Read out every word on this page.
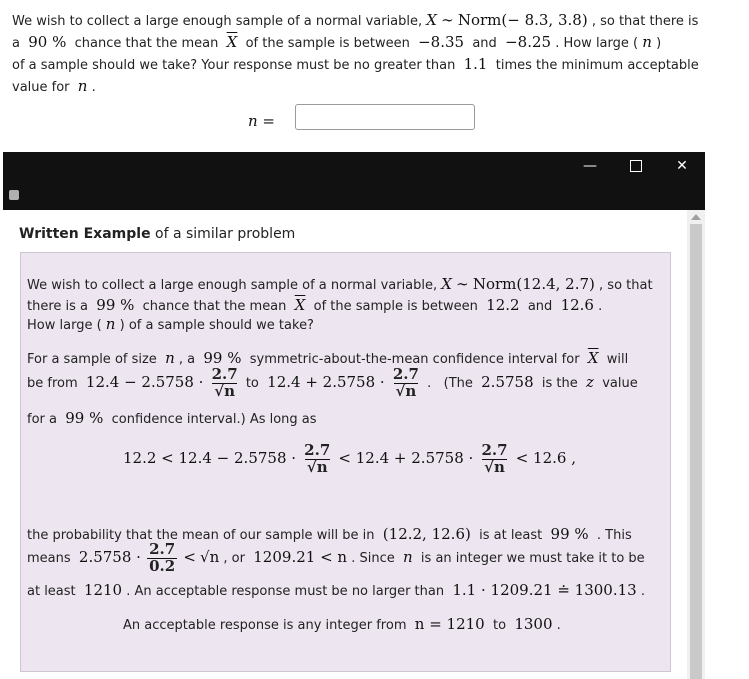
We wish to collect a large enough sample of a normal variable, X ∼ Norm(− 8.3, 3.8) , so that there is
a 90 % chance that the mean $\overline{X}$ of the sample is between −8.35 and −8.25 . How large ( n )
of a sample should we take? Your response must be no greater than 1.1 times the minimum acceptable
value for n .
n =
—	✕
Written Example of a similar problem
We wish to collect a large enough sample of a normal variable, X ∼ Norm(12.4, 2.7) , so that
there is a 99 % chance that the mean $\overline{X}$ of the sample is between 12.2 and 12.6 .
How large ( n ) of a sample should we take?
For a sample of size n , a 99 % symmetric-about-the-mean confidence interval for $\overline{X}$ will
be from $12.4 - 2.5758 \cdot \frac{2.7}{√n}$ to $12.4 + 2.5758 \cdot \frac{2.7}{√n}$ . (The 2.5758 is the z value
for a 99 % confidence interval.) As long as
$12.2 < 12.4 - 2.5758 \cdot \frac{2.7}{√n} < 12.4 + 2.5758 \cdot \frac{2.7}{√n} < 12.6$ ,
the probability that the mean of our sample will be in (12.2, 12.6) is at least 99 % . This
means $2.5758 \cdot \frac{2.7}{0.2} < √n$ , or 1209.21 < n . Since n is an integer we must take it to be
at least 1210 . An acceptable response must be no larger than 1.1 · 1209.21 ≐ 1300.13 .
An acceptable response is any integer from n = 1210 to 1300 .
